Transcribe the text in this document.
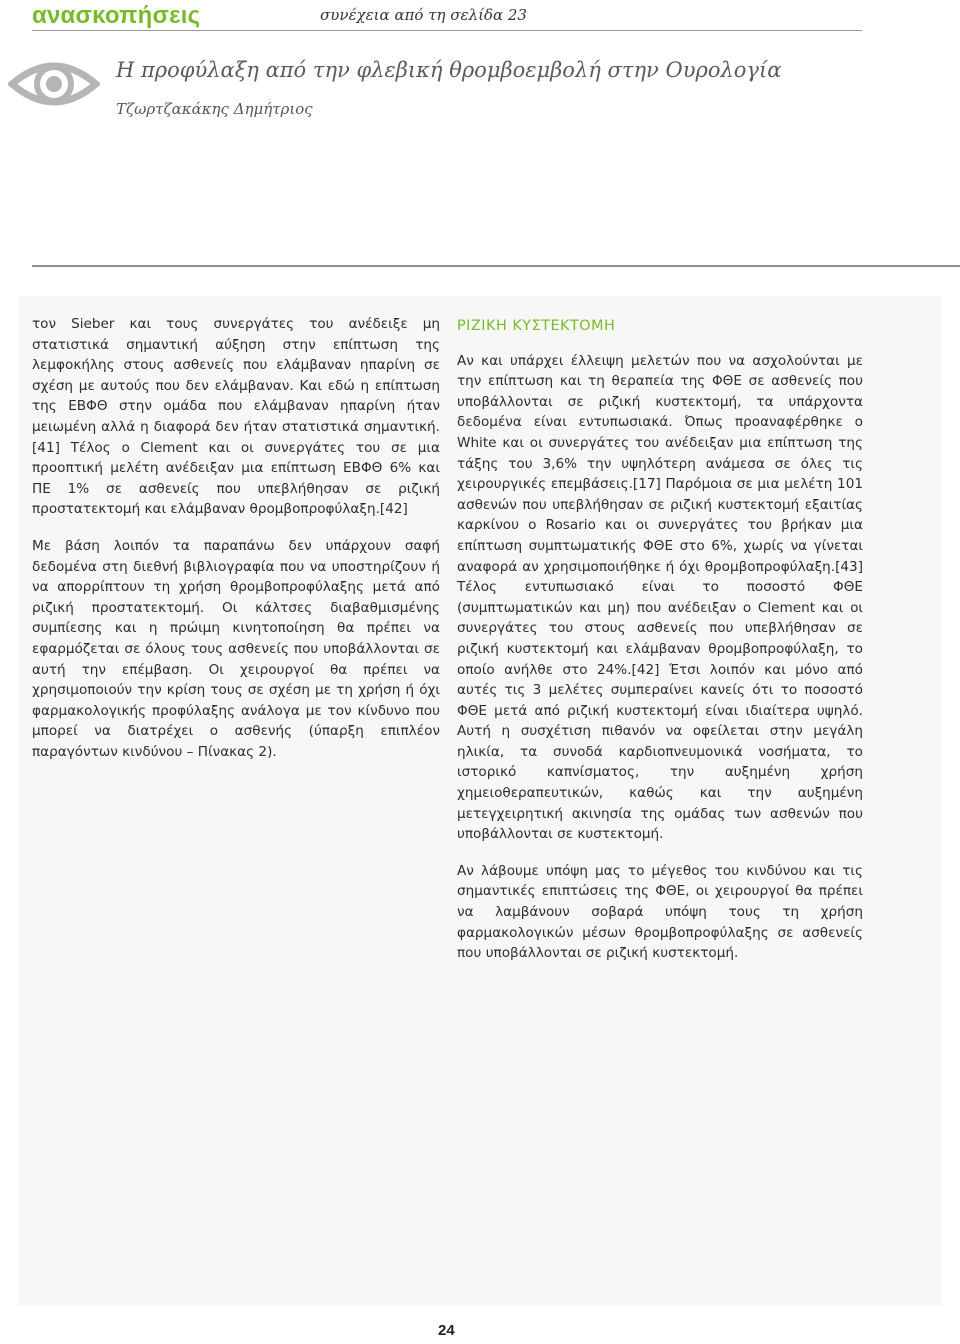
ανασκοπήσεις	συνέχεια από τη σελίδα 23
Η προφύλαξη από την φλεβική θρομβοεμβολή στην Ουρολογία
Τζωρτζακάκης Δημήτριος

τον Sieber και τους συνεργάτες του ανέδειξε μη στατιστικά σημαντική αύξηση στην επίπτωση της λεμφοκήλης στους ασθενείς που ελάμβαναν ηπαρίνη σε σχέση με αυτούς που δεν ελάμβαναν. Και εδώ η επίπτωση της ΕΒΦΘ στην ομάδα που ελάμβαναν ηπαρίνη ήταν μειωμένη αλλά η διαφορά δεν ήταν στατιστικά σημαντική.[41] Τέλος ο Clement και οι συνεργάτες του σε μια προοπτική μελέτη ανέδειξαν μια επίπτωση ΕΒΦΘ 6% και ΠΕ 1% σε ασθενείς που υπεβλήθησαν σε ριζική προστατεκτομή και ελάμβαναν θρομβοπροφύλαξη.[42]

Με βάση λοιπόν τα παραπάνω δεν υπάρχουν σαφή δεδομένα στη διεθνή βιβλιογραφία που να υποστηρίζουν ή να απορρίπτουν τη χρήση θρομβοπροφύλαξης μετά από ριζική προστατεκτομή. Οι κάλτσες διαβαθμισμένης συμπίεσης και η πρώιμη κινητοποίηση θα πρέπει να εφαρμόζεται σε όλους τους ασθενείς που υποβάλλονται σε αυτή την επέμβαση. Οι χειρουργοί θα πρέπει να χρησιμοποιούν την κρίση τους σε σχέση με τη χρήση ή όχι φαρμακολογικής προφύλαξης ανάλογα με τον κίνδυνο που μπορεί να διατρέχει ο ασθενής (ύπαρξη επιπλέον παραγόντων κινδύνου – Πίνακας 2).

ΡΙΖΙΚΗ ΚΥΣΤΕΚΤΟΜΗ

Αν και υπάρχει έλλειψη μελετών που να ασχολούνται με την επίπτωση και τη θεραπεία της ΦΘΕ σε ασθενείς που υποβάλλονται σε ριζική κυστεκτομή, τα υπάρχοντα δεδομένα είναι εντυπωσιακά. Όπως προαναφέρθηκε ο White και οι συνεργάτες του ανέδειξαν μια επίπτωση της τάξης του 3,6% την υψηλότερη ανάμεσα σε όλες τις χειρουργικές επεμβάσεις.[17] Παρόμοια σε μια μελέτη 101 ασθενών που υπεβλήθησαν σε ριζική κυστεκτομή εξαιτίας καρκίνου ο Rosario και οι συνεργάτες του βρήκαν μια επίπτωση συμπτωματικής ΦΘΕ στο 6%, χωρίς να γίνεται αναφορά αν χρησιμοποιήθηκε ή όχι θρομβοπροφύλαξη.[43] Τέλος εντυπωσιακό είναι το ποσοστό ΦΘΕ (συμπτωματικών και μη) που ανέδειξαν ο Clement και οι συνεργάτες του στους ασθενείς που υπεβλήθησαν σε ριζική κυστεκτομή και ελάμβαναν θρομβοπροφύλαξη, το οποίο ανήλθε στο 24%.[42] Έτσι λοιπόν και μόνο από αυτές τις 3 μελέτες συμπεραίνει κανείς ότι το ποσοστό ΦΘΕ μετά από ριζική κυστεκτομή είναι ιδιαίτερα υψηλό. Αυτή η συσχέτιση πιθανόν να οφείλεται στην μεγάλη ηλικία, τα συνοδά καρδιοπνευμονικά νοσήματα, το ιστορικό καπνίσματος, την αυξημένη χρήση χημειοθεραπευτικών, καθώς και την αυξημένη μετεγχειρητική ακινησία της ομάδας των ασθενών που υποβάλλονται σε κυστεκτομή.

Αν λάβουμε υπόψη μας το μέγεθος του κινδύνου και τις σημαντικές επιπτώσεις της ΦΘΕ, οι χειρουργοί θα πρέπει να λαμβάνουν σοβαρά υπόψη τους τη χρήση φαρμακολογικών μέσων θρομβοπροφύλαξης σε ασθενείς που υποβάλλονται σε ριζική κυστεκτομή.

24
